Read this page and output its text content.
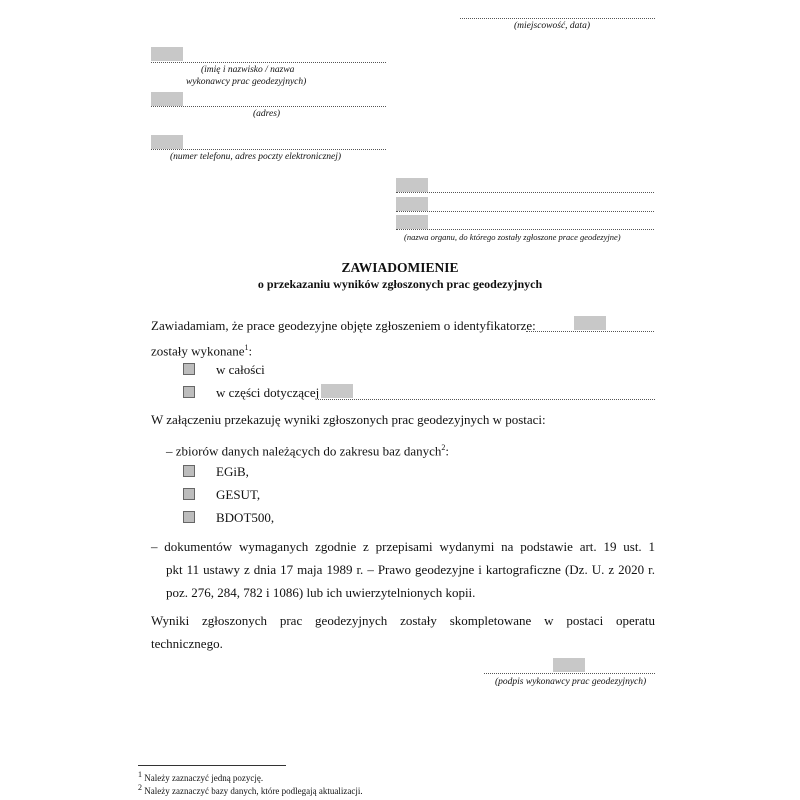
(miejscowość, data)
(imię i nazwisko / nazwa
wykonawcy prac geodezyjnych)
(adres)
(numer telefonu, adres poczty elektronicznej)
(nazwa organu, do którego zostały zgłoszone prace geodezyjne)
ZAWIADOMIENIE
o przekazaniu wyników zgłoszonych prac geodezyjnych
Zawiadamiam, że prace geodezyjne objęte zgłoszeniem o identyfikatorze:
zostały wykonane$^1$:
w całości
w części dotyczącej
W załączeniu przekazuję wyniki zgłoszonych prac geodezyjnych w postaci:
– zbiorów danych należących do zakresu baz danych$^2$:
EGiB,
GESUT,
BDOT500,
– dokumentów wymaganych zgodnie z przepisami wydanymi na podstawie art. 19 ust. 1
pkt 11 ustawy z dnia 17 maja 1989 r. – Prawo geodezyjne i kartograficzne (Dz. U. z 2020 r.
poz. 276, 284, 782 i 1086) lub ich uwierzytelnionych kopii.
Wyniki zgłoszonych prac geodezyjnych zostały skompletowane w postaci operatu
technicznego.
(podpis wykonawcy prac geodezyjnych)
$^1$ Należy zaznaczyć jedną pozycję.
$^2$ Należy zaznaczyć bazy danych, które podlegają aktualizacji.
